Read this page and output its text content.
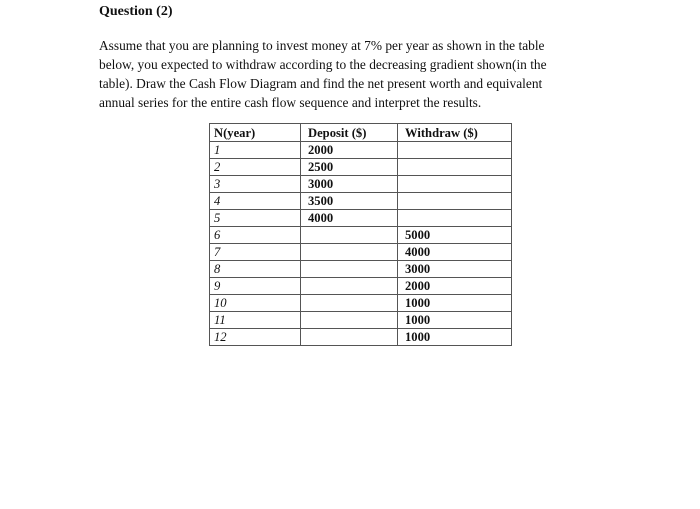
Question (2)
Assume that you are planning to invest money at 7% per year as shown in the table
below, you expected to withdraw according to the decreasing gradient shown(in the
table). Draw the Cash Flow Diagram and find the net present worth and equivalent
annual series for the entire cash flow sequence and interpret the results.
N(year)	Deposit ($)	Withdraw ($)
1	2000	
2	2500	
3	3000	
4	3500	
5	4000	
6		5000
7		4000
8		3000
9		2000
10		1000
11		1000
12		1000
